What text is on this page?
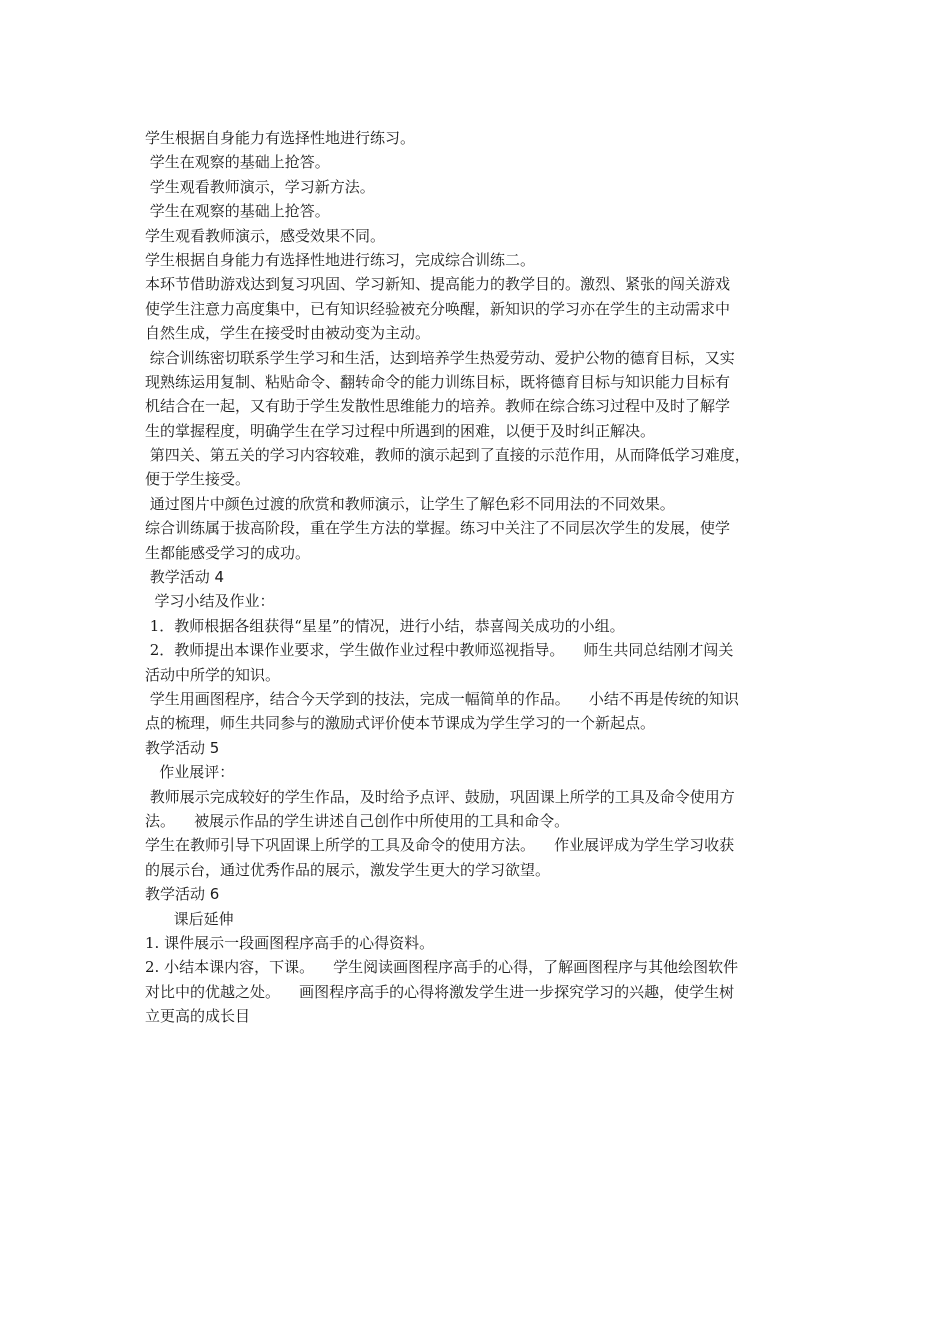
学生根据自身能力有选择性地进行练习。
学生在观察的基础上抢答。
学生观看教师演示，学习新方法。
学生在观察的基础上抢答。
学生观看教师演示，感受效果不同。
学生根据自身能力有选择性地进行练习，完成综合训练二。
本环节借助游戏达到复习巩固、学习新知、提高能力的教学目的。激烈、紧张的闯关游戏
使学生注意力高度集中，已有知识经验被充分唤醒，新知识的学习亦在学生的主动需求中
自然生成，学生在接受时由被动变为主动。
综合训练密切联系学生学习和生活，达到培养学生热爱劳动、爱护公物的德育目标，又实
现熟练运用复制、粘贴命令、翻转命令的能力训练目标，既将德育目标与知识能力目标有
机结合在一起，又有助于学生发散性思维能力的培养。教师在综合练习过程中及时了解学
生的掌握程度，明确学生在学习过程中所遇到的困难，以便于及时纠正解决。
第四关、第五关的学习内容较难，教师的演示起到了直接的示范作用，从而降低学习难度，
便于学生接受。
通过图片中颜色过渡的欣赏和教师演示，让学生了解色彩不同用法的不同效果。
综合训练属于拔高阶段，重在学生方法的掌握。练习中关注了不同层次学生的发展，使学
生都能感受学习的成功。
教学活动 4
学习小结及作业：
1．教师根据各组获得“星星”的情况，进行小结，恭喜闯关成功的小组。
2．教师提出本课作业要求，学生做作业过程中教师巡视指导。    师生共同总结刚才闯关
活动中所学的知识。
学生用画图程序，结合今天学到的技法，完成一幅简单的作品。    小结不再是传统的知识
点的梳理，师生共同参与的激励式评价使本节课成为学生学习的一个新起点。
教学活动 5
作业展评：
教师展示完成较好的学生作品，及时给予点评、鼓励，巩固课上所学的工具及命令使用方
法。    被展示作品的学生讲述自己创作中所使用的工具和命令。
学生在教师引导下巩固课上所学的工具及命令的使用方法。    作业展评成为学生学习收获
的展示台，通过优秀作品的展示，激发学生更大的学习欲望。
教学活动 6
课后延伸
1. 课件展示一段画图程序高手的心得资料。
2. 小结本课内容，下课。    学生阅读画图程序高手的心得，了解画图程序与其他绘图软件
对比中的优越之处。    画图程序高手的心得将激发学生进一步探究学习的兴趣，使学生树
立更高的成长目
